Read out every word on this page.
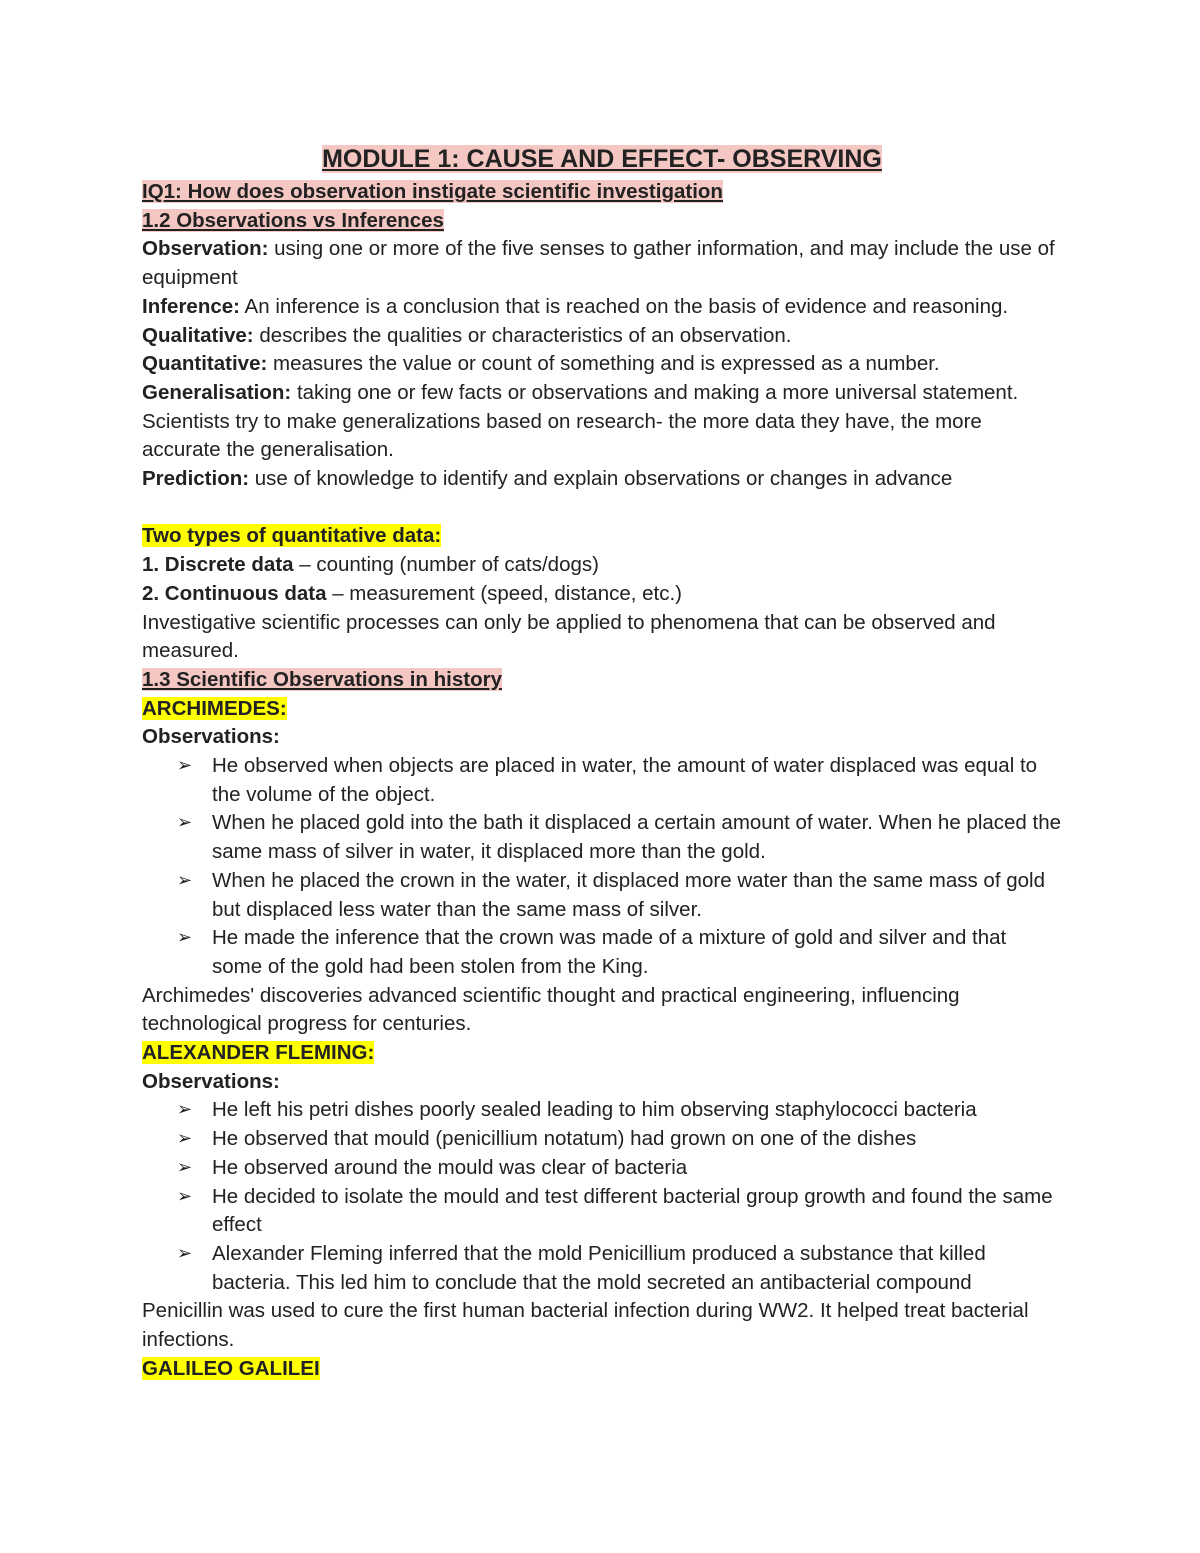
MODULE 1: CAUSE AND EFFECT- OBSERVING

IQ1: How does observation instigate scientific investigation

1.2 Observations vs Inferences

Observation: using one or more of the five senses to gather information, and may include the use of equipment

Inference: An inference is a conclusion that is reached on the basis of evidence and reasoning.

Qualitative: describes the qualities or characteristics of an observation.

Quantitative: measures the value or count of something and is expressed as a number.

Generalisation: taking one or few facts or observations and making a more universal statement. Scientists try to make generalizations based on research- the more data they have, the more accurate the generalisation.

Prediction: use of knowledge to identify and explain observations or changes in advance

Two types of quantitative data:

1. Discrete data – counting (number of cats/dogs)

2. Continuous data – measurement (speed, distance, etc.)

Investigative scientific processes can only be applied to phenomena that can be observed and measured.

1.3 Scientific Observations in history

ARCHIMEDES:

Observations:

➢ He observed when objects are placed in water, the amount of water displaced was equal to the volume of the object.
➢ When he placed gold into the bath it displaced a certain amount of water. When he placed the same mass of silver in water, it displaced more than the gold.
➢ When he placed the crown in the water, it displaced more water than the same mass of gold but displaced less water than the same mass of silver.
➢ He made the inference that the crown was made of a mixture of gold and silver and that some of the gold had been stolen from the King.

Archimedes' discoveries advanced scientific thought and practical engineering, influencing technological progress for centuries.

ALEXANDER FLEMING:

Observations:

➢ He left his petri dishes poorly sealed leading to him observing staphylococci bacteria
➢ He observed that mould (penicillium notatum) had grown on one of the dishes
➢ He observed around the mould was clear of bacteria
➢ He decided to isolate the mould and test different bacterial group growth and found the same effect
➢ Alexander Fleming inferred that the mold Penicillium produced a substance that killed bacteria. This led him to conclude that the mold secreted an antibacterial compound

Penicillin was used to cure the first human bacterial infection during WW2. It helped treat bacterial infections.

GALILEO GALILEI
